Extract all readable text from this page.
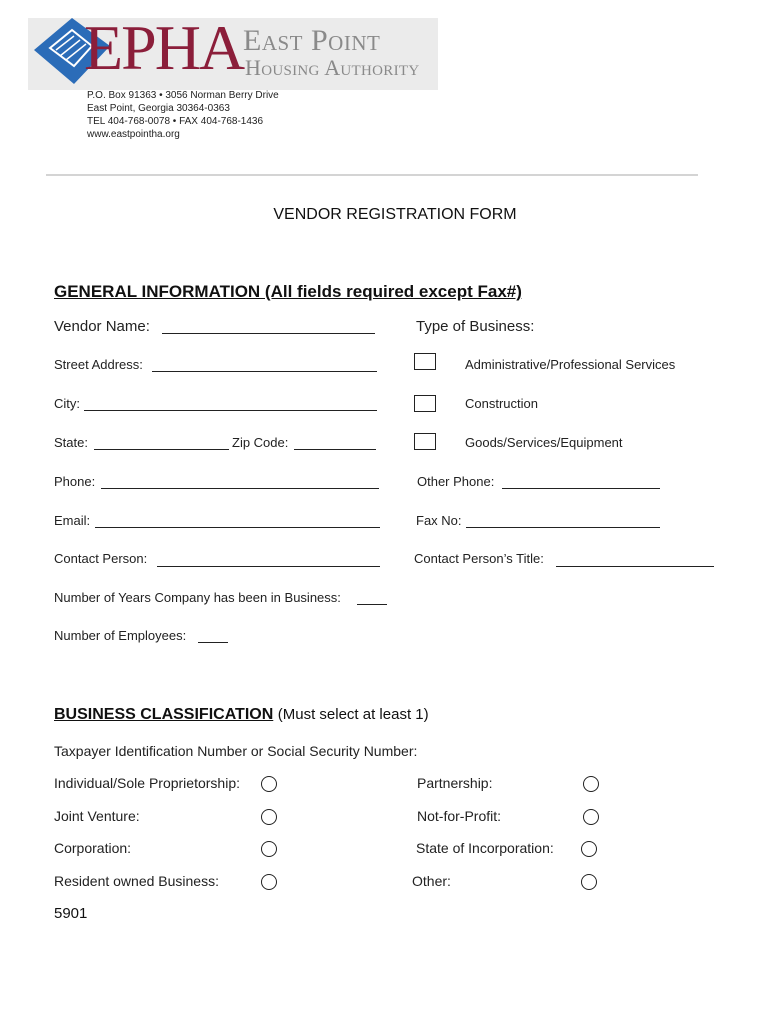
EPHA East Point
Housing Authority
P.O. Box 91363 • 3056 Norman Berry Drive
East Point, Georgia 30364-0363
TEL 404-768-0078 • FAX 404-768-1436
www.eastpointha.org
VENDOR REGISTRATION FORM
GENERAL INFORMATION (All fields required except Fax#)
Vendor Name:	Type of Business:
Street Address:
City:
State:	Zip Code:
Administrative/Professional Services
Construction
Goods/Services/Equipment
Phone:	Other Phone:
Email:	Fax No:
Contact Person:	Contact Person’s Title:
Number of Years Company has been in Business:
Number of Employees:
BUSINESS CLASSIFICATION (Must select at least 1)
Taxpayer Identification Number or Social Security Number:
Individual/Sole Proprietorship:	Partnership:
Joint Venture:	Not-for-Profit:
Corporation:	State of Incorporation:
Resident owned Business:	Other:
5901
